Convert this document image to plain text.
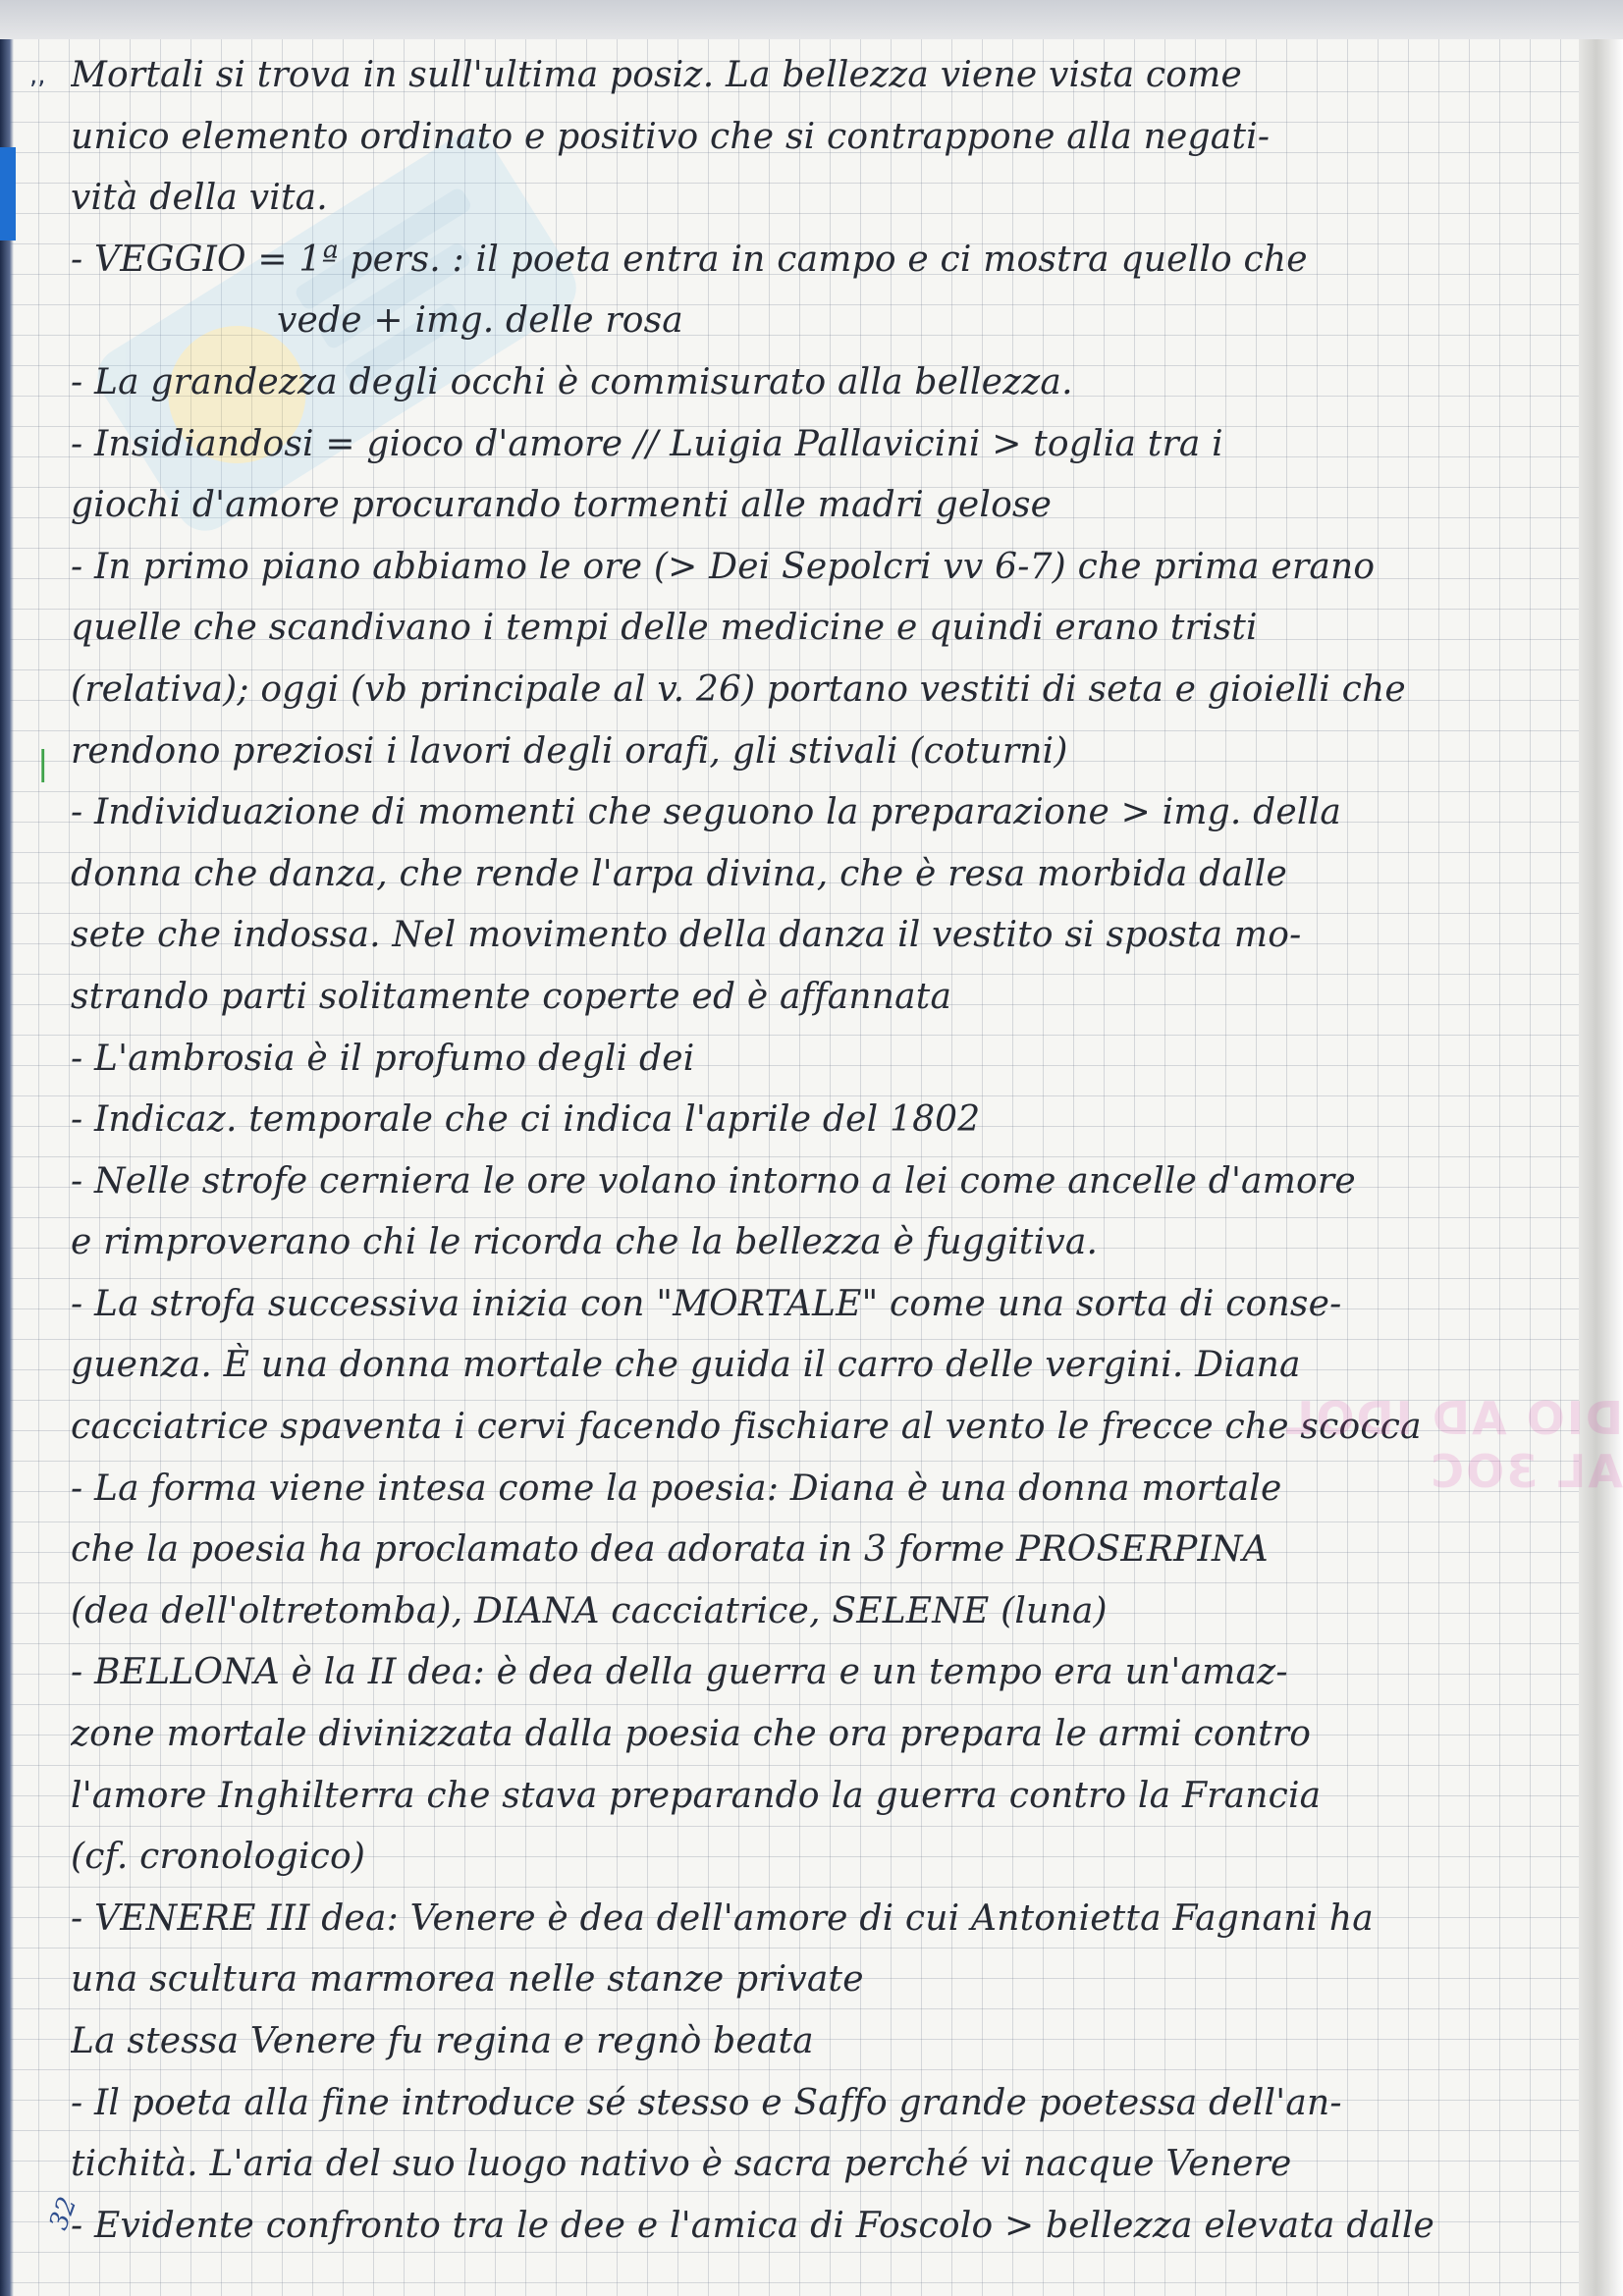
Mortali si trova in sull'ultima posiz. La bellezza viene vista come
unico elemento ordinato e positivo che si contrappone alla negati-
vità della vita.
- VEGGIO = 1ª pers. : il poeta entra in campo e ci mostra quello che
vede + img. delle rosa
- La grandezza degli occhi è commisurato alla bellezza.
- Insidiandosi = gioco d'amore // Luigia Pallavicini > toglia tra i
giochi d'amore procurando tormenti alle madri gelose
- In primo piano abbiamo le ore (> Dei Sepolcri vv 6-7) che prima erano
quelle che scandivano i tempi delle medicine e quindi erano tristi
(relativa); oggi (vb principale al v. 26) portano vestiti di seta e gioielli che
rendono preziosi i lavori degli orafi, gli stivali (coturni)
- Individuazione di momenti che seguono la preparazione > img. della
donna che danza, che rende l'arpa divina, che è resa morbida dalle
sete che indossa. Nel movimento della danza il vestito si sposta mo-
strando parti solitamente coperte ed è affannata
- L'ambrosia è il profumo degli dei
- Indicaz. temporale che ci indica l'aprile del 1802
- Nelle strofe cerniera le ore volano intorno a lei come ancelle d'amore
e rimproverano chi le ricorda che la bellezza è fuggitiva.
- La strofa successiva inizia con "MORTALE" come una sorta di conse-
guenza. È una donna mortale che guida il carro delle vergini. Diana
cacciatrice spaventa i cervi facendo fischiare al vento le frecce che scocca
- La forma viene intesa come la poesia: Diana è una donna mortale
che la poesia ha proclamato dea adorata in 3 forme PROSERPINA
(dea dell'oltretomba), DIANA cacciatrice, SELENE (luna)
- BELLONA è la II dea: è dea della guerra e un tempo era un'amaz-
zone mortale divinizzata dalla poesia che ora prepara le armi contro
l'amore Inghilterra che stava preparando la guerra contro la Francia
(cf. cronologico)
- VENERE III dea: Venere è dea dell'amore di cui Antonietta Fagnani ha
una scultura marmorea nelle stanze private
La stessa Venere fu regina e regnò beata
- Il poeta alla fine introduce sé stesso e Saffo grande poetessa dell'an-
tichità. L'aria del suo luogo nativo è sacra perché vi nacque Venere
- Evidente confronto tra le dee e l'amica di Foscolo > bellezza elevata dalle
,,
|
DIO AD IDOL AL 3OC
32
